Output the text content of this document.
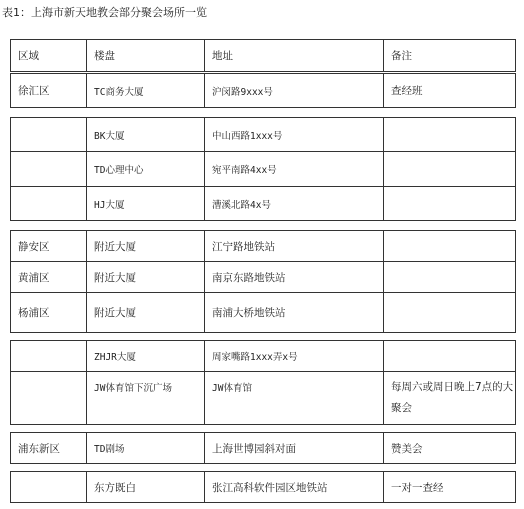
表1：上海市新天地教会部分聚会场所一览
区域	楼盘	地址	备注
徐汇区	TC商务大厦	沪闵路9xxx号	查经班
	BK大厦	中山西路1xxx号	
	TD心理中心	宛平南路4xx号	
	HJ大厦	漕溪北路4x号	
静安区	附近大厦	江宁路地铁站	
黄浦区	附近大厦	南京东路地铁站	
杨浦区	附近大厦	南浦大桥地铁站	
	ZHJR大厦	周家嘴路1xxx弄x号	
	JW体育馆下沉广场	JW体育馆	每周六或周日晚上7点的大聚会
浦东新区	TD剧场	上海世博园斜对面	赞美会
	东方既白	张江高科软件园区地铁站	一对一查经
